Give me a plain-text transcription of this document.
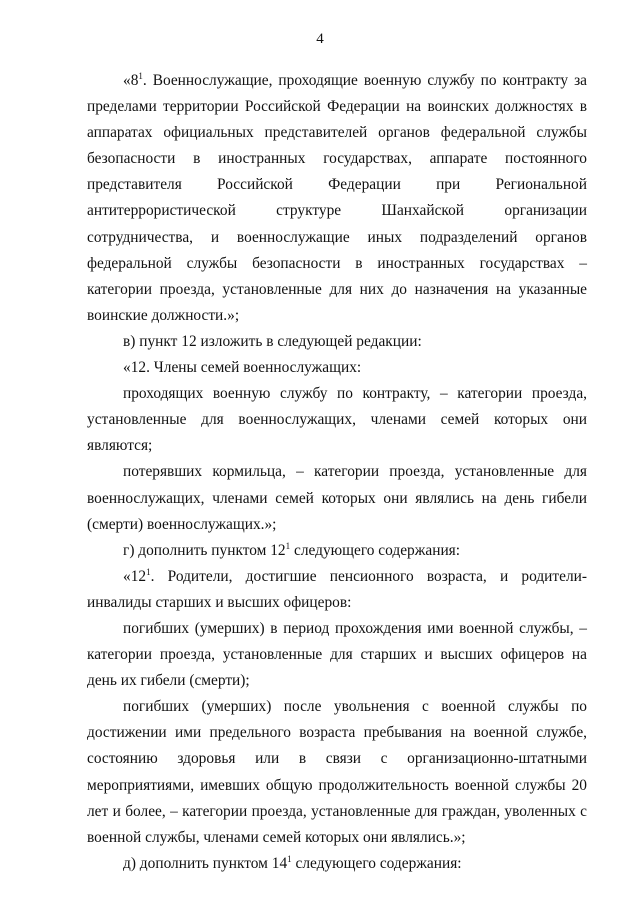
4

«$8^1$. Военнослужащие, проходящие военную службу по контракту за пределами территории Российской Федерации на воинских должностях в аппаратах официальных представителей органов федеральной службы безопасности в иностранных государствах, аппарате постоянного представителя Российской Федерации при Региональной антитеррористической структуре Шанхайской организации сотрудничества, и военнослужащие иных подразделений органов федеральной службы безопасности в иностранных государствах – категории проезда, установленные для них до назначения на указанные воинские должности.»;

в) пункт 12 изложить в следующей редакции:

«12. Члены семей военнослужащих:

проходящих военную службу по контракту, – категории проезда, установленные для военнослужащих, членами семей которых они являются;

потерявших кормильца, – категории проезда, установленные для военнослужащих, членами семей которых они являлись на день гибели (смерти) военнослужащих.»;

г) дополнить пунктом $12^1$ следующего содержания:

«$12^1$. Родители, достигшие пенсионного возраста, и родители-инвалиды старших и высших офицеров:

погибших (умерших) в период прохождения ими военной службы, – категории проезда, установленные для старших и высших офицеров на день их гибели (смерти);

погибших (умерших) после увольнения с военной службы по достижении ими предельного возраста пребывания на военной службе, состоянию здоровья или в связи с организационно-штатными мероприятиями, имевших общую продолжительность военной службы 20 лет и более, – категории проезда, установленные для граждан, уволенных с военной службы, членами семей которых они являлись.»;

д) дополнить пунктом $14^1$ следующего содержания:
